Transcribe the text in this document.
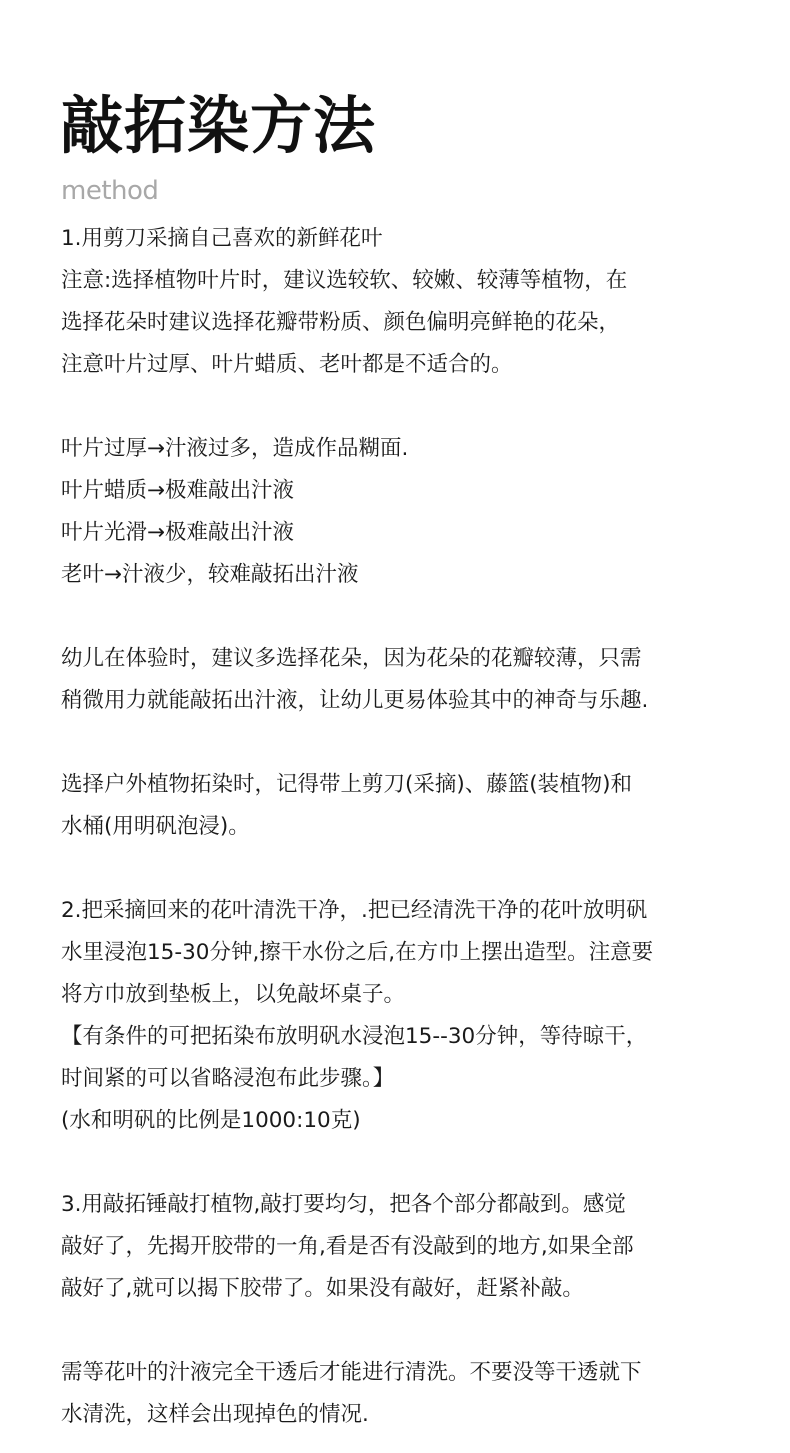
敲拓染方法
method
1.用剪刀采摘自己喜欢的新鲜花叶
注意:选择植物叶片时，建议选较软、较嫩、较薄等植物，在
选择花朵时建议选择花瓣带粉质、颜色偏明亮鲜艳的花朵，
注意叶片过厚、叶片蜡质、老叶都是不适合的。
叶片过厚→汁液过多，造成作品糊面.
叶片蜡质→极难敲出汁液
叶片光滑→极难敲出汁液
老叶→汁液少，较难敲拓出汁液
幼儿在体验时，建议多选择花朵，因为花朵的花瓣较薄，只需
稍微用力就能敲拓出汁液，让幼儿更易体验其中的神奇与乐趣.
选择户外植物拓染时，记得带上剪刀(采摘)、藤篮(装植物)和
水桶(用明矾泡浸)。
2.把采摘回来的花叶清洗干净，.把已经清洗干净的花叶放明矾
水里浸泡15-30分钟,擦干水份之后,在方巾上摆出造型。注意要
将方巾放到垫板上，以免敲坏桌子。
【有条件的可把拓染布放明矾水浸泡15--30分钟，等待晾干，
时间紧的可以省略浸泡布此步骤。】
(水和明矾的比例是1000:10克)
3.用敲拓锤敲打植物,敲打要均匀，把各个部分都敲到。感觉
敲好了，先揭开胶带的一角,看是否有没敲到的地方,如果全部
敲好了,就可以揭下胶带了。如果没有敲好，赶紧补敲。
需等花叶的汁液完全干透后才能进行清洗。不要没等干透就下
水清洗，这样会出现掉色的情况.
